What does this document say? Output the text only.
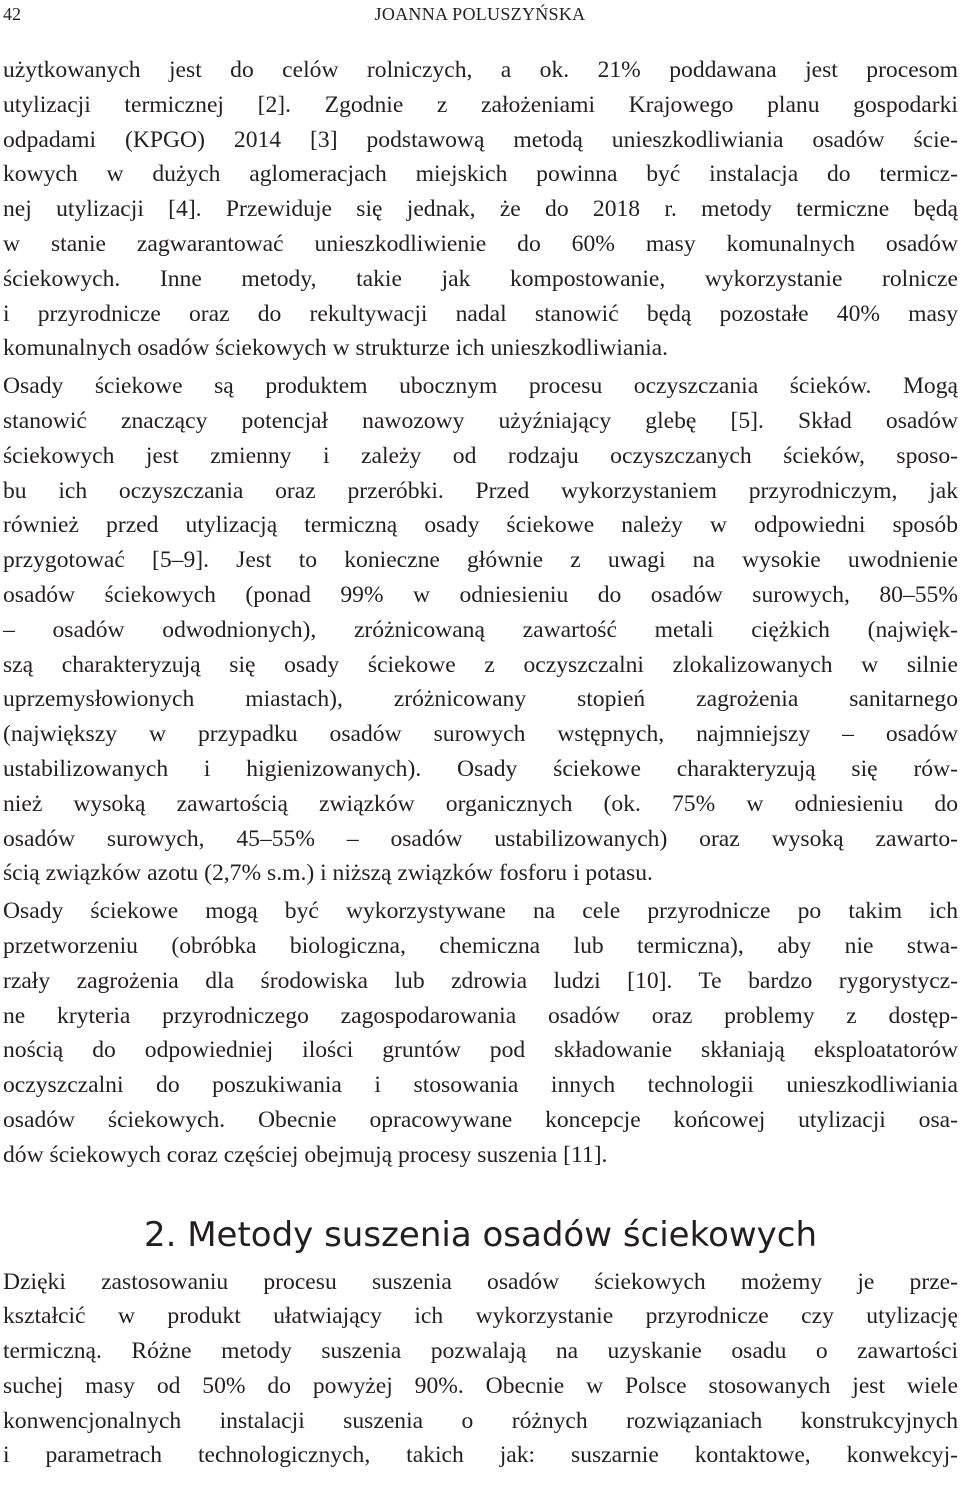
42	JOANNA POLUSZYŃSKA
użytkowanych jest do celów rolniczych, a ok. 21% poddawana jest procesom
utylizacji termicznej [2]. Zgodnie z założeniami Krajowego planu gospodarki
odpadami (KPGO) 2014 [3] podstawową metodą unieszkodliwiania osadów ście-
kowych w dużych aglomeracjach miejskich powinna być instalacja do termicz-
nej utylizacji [4]. Przewiduje się jednak, że do 2018 r. metody termiczne będą
w stanie zagwarantować unieszkodliwienie do 60% masy komunalnych osadów
ściekowych. Inne metody, takie jak kompostowanie, wykorzystanie rolnicze
i przyrodnicze oraz do rekultywacji nadal stanowić będą pozostałe 40% masy
komunalnych osadów ściekowych w strukturze ich unieszkodliwiania.
Osady ściekowe są produktem ubocznym procesu oczyszczania ścieków. Mogą
stanowić znaczący potencjał nawozowy użyźniający glebę [5]. Skład osadów
ściekowych jest zmienny i zależy od rodzaju oczyszczanych ścieków, sposo-
bu ich oczyszczania oraz przeróbki. Przed wykorzystaniem przyrodniczym, jak
również przed utylizacją termiczną osady ściekowe należy w odpowiedni sposób
przygotować [5–9]. Jest to konieczne głównie z uwagi na wysokie uwodnienie
osadów ściekowych (ponad 99% w odniesieniu do osadów surowych, 80–55%
– osadów odwodnionych), zróżnicowaną zawartość metali ciężkich (najwięk-
szą charakteryzują się osady ściekowe z oczyszczalni zlokalizowanych w silnie
uprzemysłowionych miastach), zróżnicowany stopień zagrożenia sanitarnego
(największy w przypadku osadów surowych wstępnych, najmniejszy – osadów
ustabilizowanych i higienizowanych). Osady ściekowe charakteryzują się rów-
nież wysoką zawartością związków organicznych (ok. 75% w odniesieniu do
osadów surowych, 45–55% – osadów ustabilizowanych) oraz wysoką zawarto-
ścią związków azotu (2,7% s.m.) i niższą związków fosforu i potasu.
Osady ściekowe mogą być wykorzystywane na cele przyrodnicze po takim ich
przetworzeniu (obróbka biologiczna, chemiczna lub termiczna), aby nie stwa-
rzały zagrożenia dla środowiska lub zdrowia ludzi [10]. Te bardzo rygorystycz-
ne kryteria przyrodniczego zagospodarowania osadów oraz problemy z dostęp-
nością do odpowiedniej ilości gruntów pod składowanie skłaniają eksploatatorów
oczyszczalni do poszukiwania i stosowania innych technologii unieszkodliwiania
osadów ściekowych. Obecnie opracowywane koncepcje końcowej utylizacji osa-
dów ściekowych coraz częściej obejmują procesy suszenia [11].
2. Metody suszenia osadów ściekowych
Dzięki zastosowaniu procesu suszenia osadów ściekowych możemy je prze-
kształcić w produkt ułatwiający ich wykorzystanie przyrodnicze czy utylizację
termiczną. Różne metody suszenia pozwalają na uzyskanie osadu o zawartości
suchej masy od 50% do powyżej 90%. Obecnie w Polsce stosowanych jest wiele
konwencjonalnych instalacji suszenia o różnych rozwiązaniach konstrukcyjnych
i parametrach technologicznych, takich jak: suszarnie kontaktowe, konwekcyj-
